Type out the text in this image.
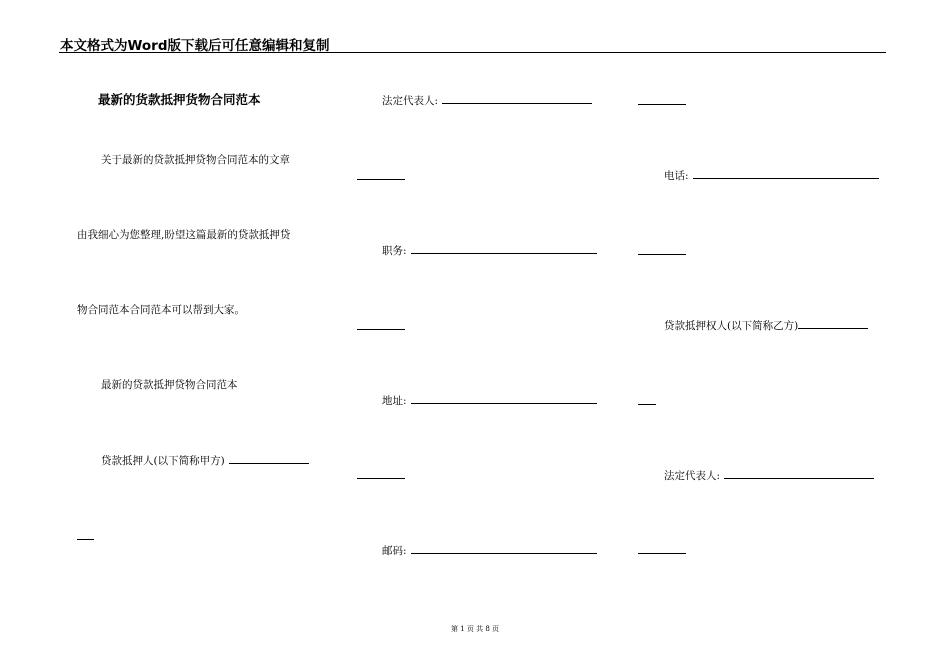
本文格式为Word版下载后可任意编辑和复制
最新的货款抵押货物合同范本
关于最新的贷款抵押贷物合同范本的文章
由我细心为您整理,盼望这篇最新的贷款抵押贷
物合同范本合同范本可以帮到大家。
最新的贷款抵押贷物合同范本
贷款抵押人(以下简称甲方)
法定代表人:
职务:
地址:
邮码:
电话:
贷款抵押权人(以下简称乙方)
法定代表人:
第 1 页 共 8 页
